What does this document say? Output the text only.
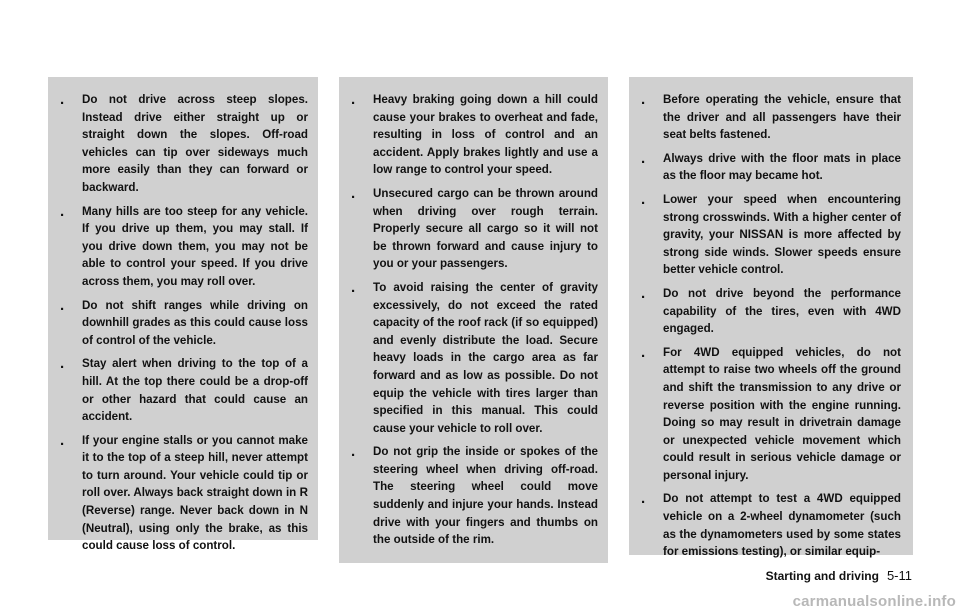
. Do not drive across steep slopes. Instead drive either straight up or straight down the slopes. Off-road vehicles can tip over sideways much more easily than they can forward or backward.
. Many hills are too steep for any vehicle. If you drive up them, you may stall. If you drive down them, you may not be able to control your speed. If you drive across them, you may roll over.
. Do not shift ranges while driving on downhill grades as this could cause loss of control of the vehicle.
. Stay alert when driving to the top of a hill. At the top there could be a drop-off or other hazard that could cause an accident.
. If your engine stalls or you cannot make it to the top of a steep hill, never attempt to turn around. Your vehicle could tip or roll over. Always back straight down in R (Reverse) range. Never back down in N (Neutral), using only the brake, as this could cause loss of control.
. Heavy braking going down a hill could cause your brakes to overheat and fade, resulting in loss of control and an accident. Apply brakes lightly and use a low range to control your speed.
. Unsecured cargo can be thrown around when driving over rough terrain. Properly secure all cargo so it will not be thrown forward and cause injury to you or your passengers.
. To avoid raising the center of gravity excessively, do not exceed the rated capacity of the roof rack (if so equipped) and evenly distribute the load. Secure heavy loads in the cargo area as far forward and as low as possible. Do not equip the vehicle with tires larger than specified in this manual. This could cause your vehicle to roll over.
. Do not grip the inside or spokes of the steering wheel when driving off-road. The steering wheel could move suddenly and injure your hands. Instead drive with your fingers and thumbs on the outside of the rim.
. Before operating the vehicle, ensure that the driver and all passengers have their seat belts fastened.
. Always drive with the floor mats in place as the floor may became hot.
. Lower your speed when encountering strong crosswinds. With a higher center of gravity, your NISSAN is more affected by strong side winds. Slower speeds ensure better vehicle control.
. Do not drive beyond the performance capability of the tires, even with 4WD engaged.
. For 4WD equipped vehicles, do not attempt to raise two wheels off the ground and shift the transmission to any drive or reverse position with the engine running. Doing so may result in drivetrain damage or unexpected vehicle movement which could result in serious vehicle damage or personal injury.
. Do not attempt to test a 4WD equipped vehicle on a 2-wheel dynamometer (such as the dynamometers used by some states for emissions testing), or similar equip-
Starting and driving 5-11
carmanualsonline.info
